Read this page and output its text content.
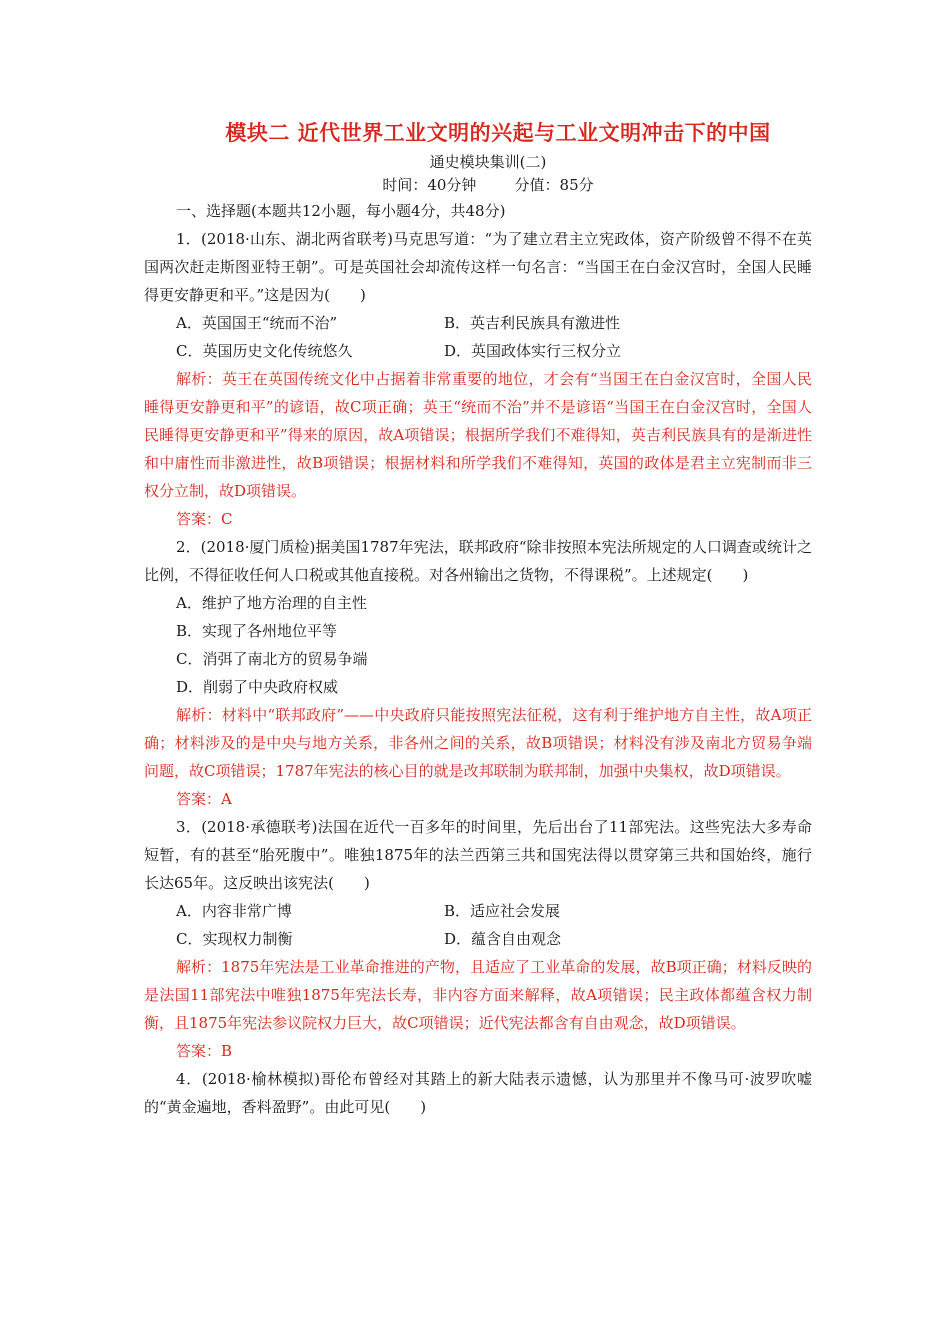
模块二 近代世界工业文明的兴起与工业文明冲击下的中国
通史模块集训(二)
时间：40分钟        分值：85分
一、选择题(本题共12小题，每小题4分，共48分)

1．(2018·山东、湖北两省联考)马克思写道：“为了建立君主立宪政体，资产阶级曾不得不在英国两次赶走斯图亚特王朝”。可是英国社会却流传这样一句名言：“当国王在白金汉宫时，全国人民睡得更安静更和平。”这是因为(　　)

A．英国国王“统而不治”	B．英吉利民族具有激进性
C．英国历史文化传统悠久	D．英国政体实行三权分立

解析：英王在英国传统文化中占据着非常重要的地位，才会有“当国王在白金汉宫时，全国人民睡得更安静更和平”的谚语，故C项正确；英王“统而不治”并不是谚语“当国王在白金汉宫时，全国人民睡得更安静更和平”得来的原因，故A项错误；根据所学我们不难得知，英吉利民族具有的是渐进性和中庸性而非激进性，故B项错误；根据材料和所学我们不难得知，英国的政体是君主立宪制而非三权分立制，故D项错误。

答案：C

2．(2018·厦门质检)据美国1787年宪法，联邦政府“除非按照本宪法所规定的人口调查或统计之比例，不得征收任何人口税或其他直接税。对各州输出之货物，不得课税”。上述规定(　　)

A．维护了地方治理的自主性
B．实现了各州地位平等
C．消弭了南北方的贸易争端
D．削弱了中央政府权威

解析：材料中“联邦政府”——中央政府只能按照宪法征税，这有利于维护地方自主性，故A项正确；材料涉及的是中央与地方关系，非各州之间的关系，故B项错误；材料没有涉及南北方贸易争端问题，故C项错误；1787年宪法的核心目的就是改邦联制为联邦制，加强中央集权，故D项错误。

答案：A

3．(2018·承德联考)法国在近代一百多年的时间里，先后出台了11部宪法。这些宪法大多寿命短暂，有的甚至“胎死腹中”。唯独1875年的法兰西第三共和国宪法得以贯穿第三共和国始终，施行长达65年。这反映出该宪法(　　)

A．内容非常广博	B．适应社会发展
C．实现权力制衡	D．蕴含自由观念

解析：1875年宪法是工业革命推进的产物，且适应了工业革命的发展，故B项正确；材料反映的是法国11部宪法中唯独1875年宪法长寿，非内容方面来解释，故A项错误；民主政体都蕴含权力制衡，且1875年宪法参议院权力巨大，故C项错误；近代宪法都含有自由观念，故D项错误。

答案：B

4．(2018·榆林模拟)哥伦布曾经对其踏上的新大陆表示遗憾，认为那里并不像马可·波罗吹嘘的“黄金遍地，香料盈野”。由此可见(　　)
